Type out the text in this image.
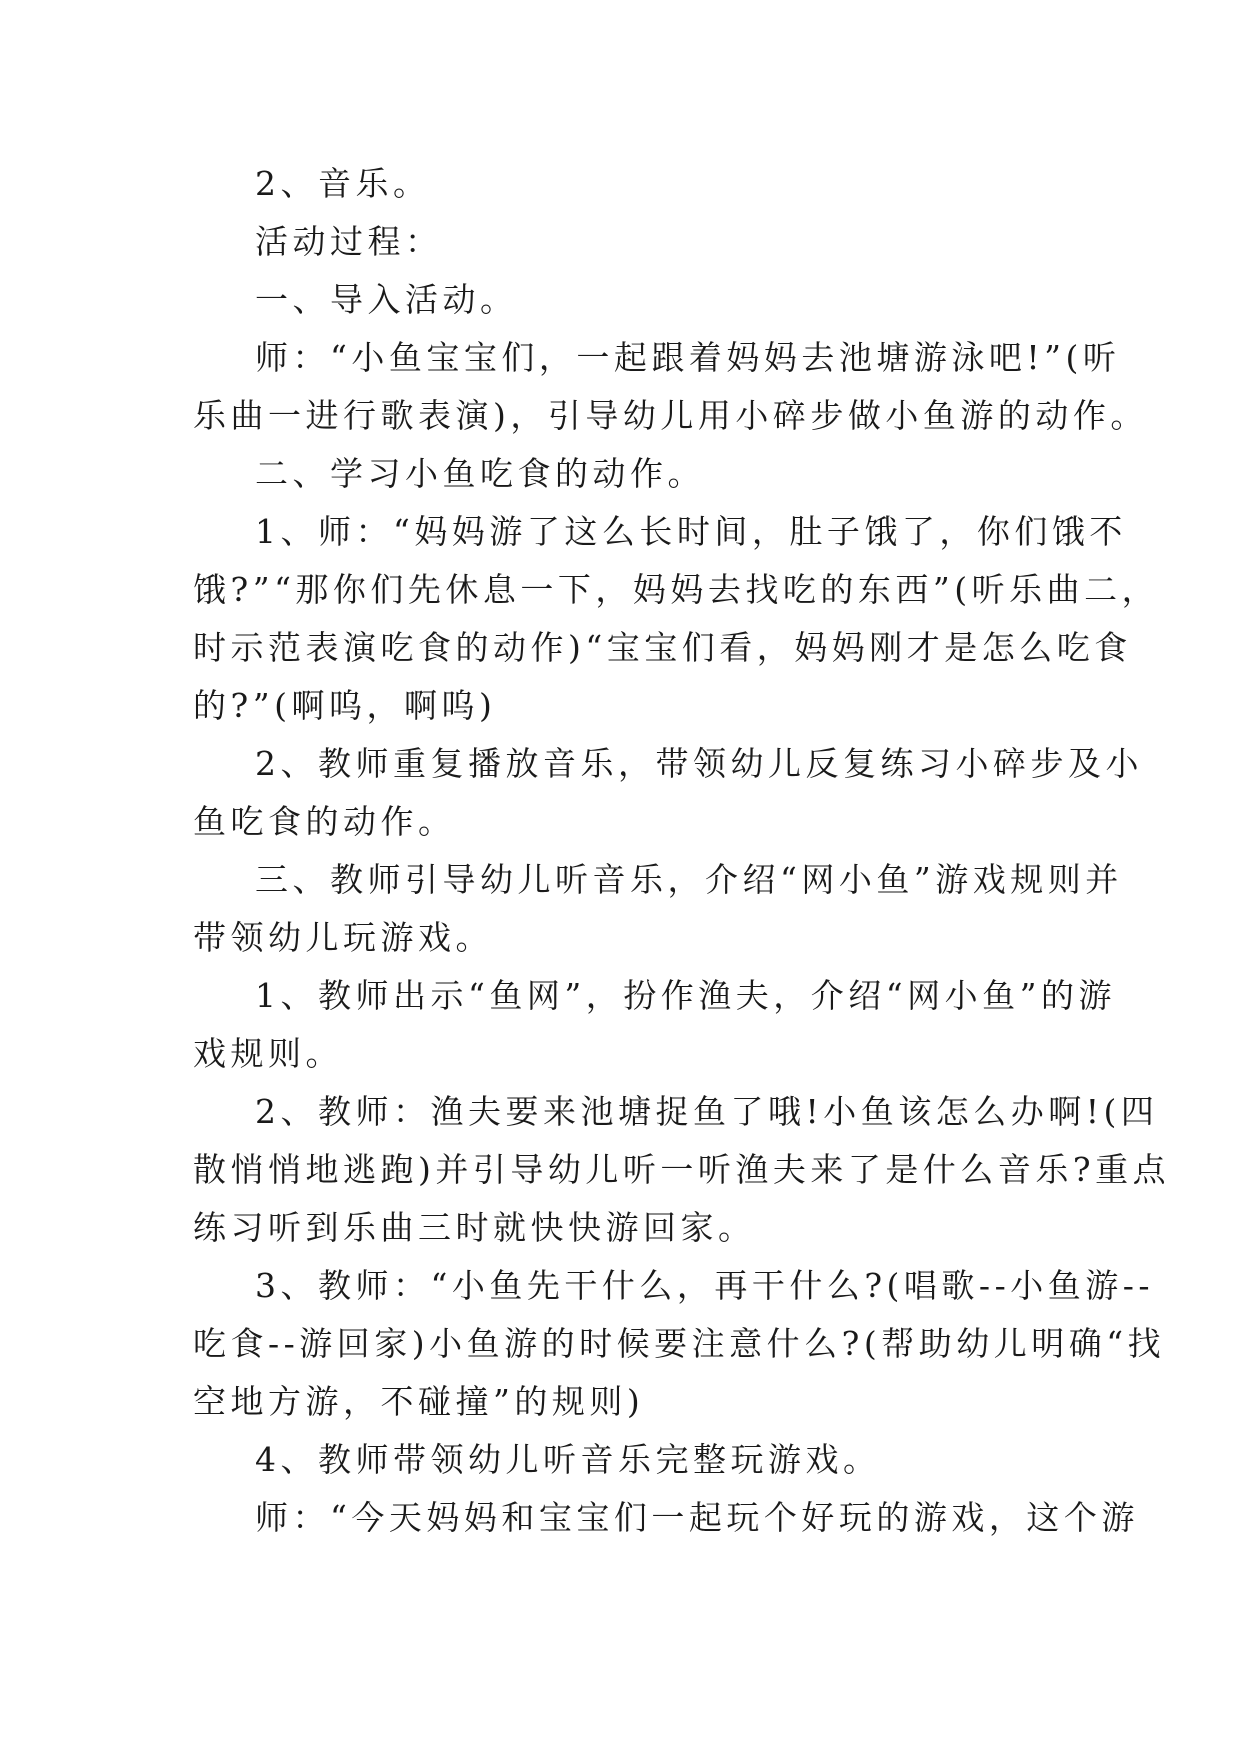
2、音乐。
活动过程：
一、导入活动。
师：“小鱼宝宝们，一起跟着妈妈去池塘游泳吧!”(听
乐曲一进行歌表演)，引导幼儿用小碎步做小鱼游的动作。
二、学习小鱼吃食的动作。
1、师：“妈妈游了这么长时间，肚子饿了，你们饿不
饿?”“那你们先休息一下，妈妈去找吃的东西”(听乐曲二，
时示范表演吃食的动作)“宝宝们看，妈妈刚才是怎么吃食
的?”(啊呜，啊呜)
2、教师重复播放音乐，带领幼儿反复练习小碎步及小
鱼吃食的动作。
三、教师引导幼儿听音乐，介绍“网小鱼”游戏规则并
带领幼儿玩游戏。
1、教师出示“鱼网”，扮作渔夫，介绍“网小鱼”的游
戏规则。
2、教师：渔夫要来池塘捉鱼了哦!小鱼该怎么办啊!(四
散悄悄地逃跑)并引导幼儿听一听渔夫来了是什么音乐?重点
练习听到乐曲三时就快快游回家。
3、教师：“小鱼先干什么，再干什么?(唱歌--小鱼游--
吃食--游回家)小鱼游的时候要注意什么?(帮助幼儿明确“找
空地方游，不碰撞”的规则)
4、教师带领幼儿听音乐完整玩游戏。
师：“今天妈妈和宝宝们一起玩个好玩的游戏，这个游
